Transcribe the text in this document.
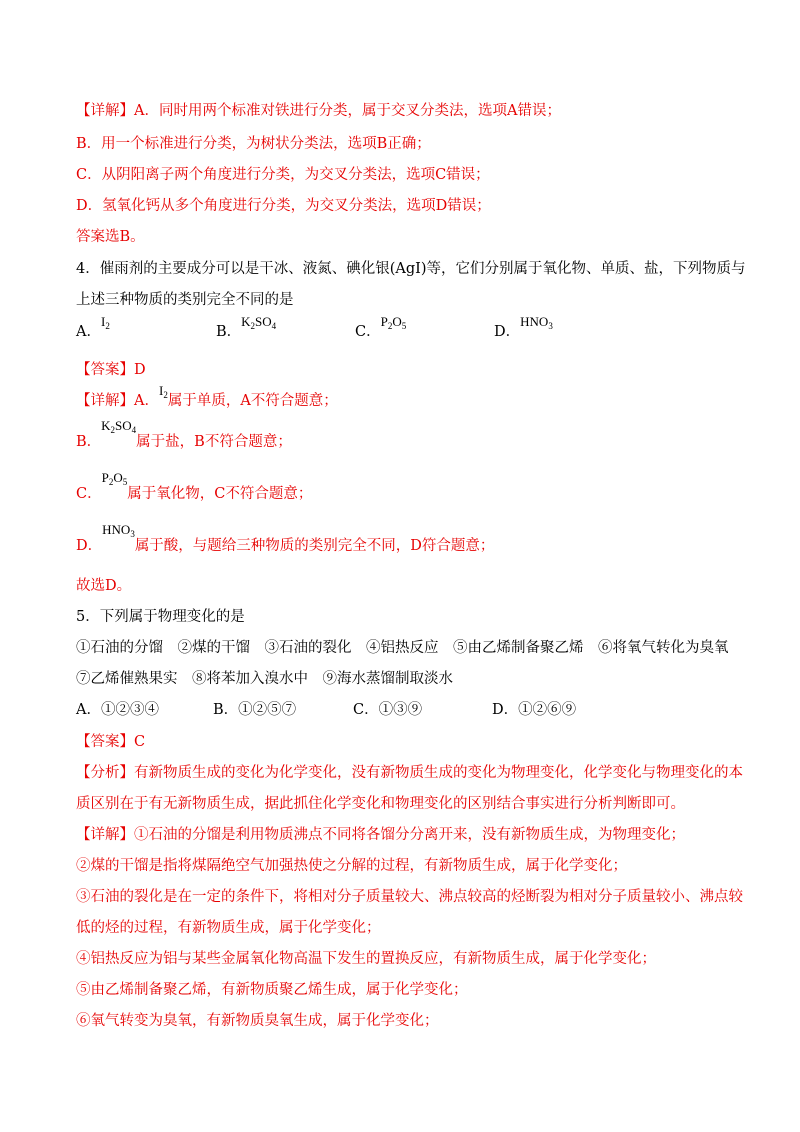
【详解】A．同时用两个标准对铁进行分类，属于交叉分类法，选项A错误；
B．用一个标准进行分类，为树状分类法，选项B正确；
C．从阴阳离子两个角度进行分类，为交叉分类法，选项C错误；
D．氢氧化钙从多个角度进行分类，为交叉分类法，选项D错误；
答案选B。
4．催雨剂的主要成分可以是干冰、液氮、碘化银(AgI)等，它们分别属于氧化物、单质、盐，下列物质与
上述三种物质的类别完全不同的是
A．$I_2$	B．$K_2SO_4$	C．$P_2O_5$	D．$HNO_3$
【答案】D
【详解】A．$I_2$属于单质，A不符合题意；
B．$K_2SO_4$属于盐，B不符合题意；
C．$P_2O_5$属于氧化物，C不符合题意；
D．$HNO_3$属于酸，与题给三种物质的类别完全不同，D符合题意；
故选D。
5．下列属于物理变化的是
①石油的分馏　②煤的干馏　③石油的裂化　④铝热反应　⑤由乙烯制备聚乙烯　⑥将氧气转化为臭氧
⑦乙烯催熟果实　⑧将苯加入溴水中　⑨海水蒸馏制取淡水
A．①②③④	B．①②⑤⑦	C．①③⑨	D．①②⑥⑨
【答案】C
【分析】有新物质生成的变化为化学变化，没有新物质生成的变化为物理变化，化学变化与物理变化的本
质区别在于有无新物质生成，据此抓住化学变化和物理变化的区别结合事实进行分析判断即可。
【详解】①石油的分馏是利用物质沸点不同将各馏分分离开来，没有新物质生成，为物理变化；
②煤的干馏是指将煤隔绝空气加强热使之分解的过程，有新物质生成，属于化学变化；
③石油的裂化是在一定的条件下，将相对分子质量较大、沸点较高的烃断裂为相对分子质量较小、沸点较
低的烃的过程，有新物质生成，属于化学变化；
④铝热反应为铝与某些金属氧化物高温下发生的置换反应，有新物质生成，属于化学变化；
⑤由乙烯制备聚乙烯，有新物质聚乙烯生成，属于化学变化；
⑥氧气转变为臭氧，有新物质臭氧生成，属于化学变化；
